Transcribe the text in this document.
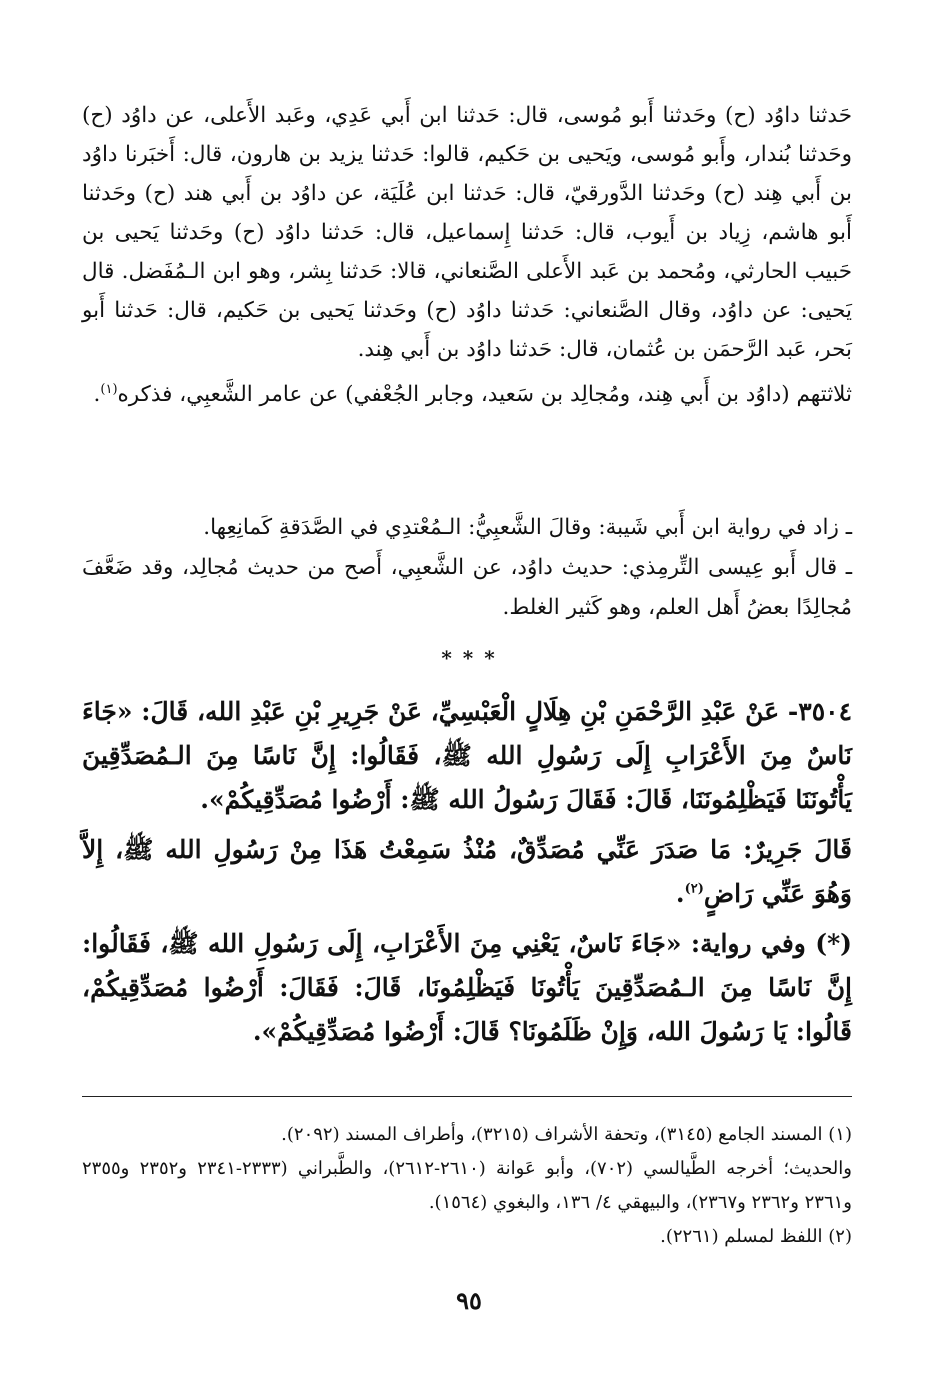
حَدثنا داوُد (ح) وحَدثنا أَبو مُوسى، قال: حَدثنا ابن أَبي عَدِي، وعَبد الأَعلى، عن داوُد (ح) وحَدثنا بُندار، وأَبو مُوسى، ويَحيى بن حَكيم، قالوا: حَدثنا يزيد بن هارون، قال: أَخبَرنا داوُد بن أَبي هِند (ح) وحَدثنا الدَّورقيّ، قال: حَدثنا ابن عُلَيَة، عن داوُد بن أَبي هند (ح) وحَدثنا أَبو هاشم، زِياد بن أَيوب، قال: حَدثنا إِسماعيل، قال: حَدثنا داوُد (ح) وحَدثنا يَحيى بن حَبيب الحارثي، ومُحمد بن عَبد الأَعلى الصَّنعاني، قالا: حَدثنا بِشر، وهو ابن الـمُفَضل. قال يَحيى: عن داوُد، وقال الصَّنعاني: حَدثنا داوُد (ح) وحَدثنا يَحيى بن حَكيم، قال: حَدثنا أَبو بَحر، عَبد الرَّحمَن بن عُثمان، قال: حَدثنا داوُد بن أَبي هِند.

ثلاثتهم (داوُد بن أَبي هِند، ومُجالِد بن سَعيد، وجابر الجُعْفي) عن عامر الشَّعبِي، فذكره$^{(١)}$.

ـ زاد في رواية ابن أَبي شَيبة: وقالَ الشَّعبِيُّ: الـمُعْتدِي في الصَّدَقةِ كَمانِعِها.

ـ قال أَبو عِيسى التِّرمِذي: حديث داوُد، عن الشَّعبِي، أَصح من حديث مُجالِد، وقد ضَعَّفَ مُجالِدًا بعضُ أَهل العلم، وهو كَثير الغلط.

* * *

٣٥٠٤- عَنْ عَبْدِ الرَّحْمَنِ بْنِ هِلَالٍ الْعَبْسِيِّ، عَنْ جَرِيرِ بْنِ عَبْدِ الله، قَالَ: «جَاءَ نَاسٌ مِنَ الأَعْرَابِ إِلَى رَسُولِ الله ﷺ، فَقَالُوا: إِنَّ نَاسًا مِنَ الـمُصَدِّقِينَ يَأْتُونَنَا فَيَظْلِمُونَنَا، قَالَ: فَقَالَ رَسُولُ الله ﷺ: أَرْضُوا مُصَدِّقِيكُمْ».

قَالَ جَرِيرٌ: مَا صَدَرَ عَنِّي مُصَدِّقٌ، مُنْذُ سَمِعْتُ هَذَا مِنْ رَسُولِ الله ﷺ، إِلاَّ وَهُوَ عَنِّي رَاضٍ$^{(٢)}$.

(*) وفي رواية: «جَاءَ نَاسٌ، يَعْنِي مِنَ الأَعْرَابِ، إِلَى رَسُولِ الله ﷺ، فَقَالُوا: إِنَّ نَاسًا مِنَ الـمُصَدِّقِينَ يَأْتُونَا فَيَظْلِمُونَا، قَالَ: فَقَالَ: أَرْضُوا مُصَدِّقِيكُمْ، قَالُوا: يَا رَسُولَ الله، وَإِنْ ظَلَمُونَا؟ قَالَ: أَرْضُوا مُصَدِّقِيكُمْ».

(١) المسند الجامع (٣١٤٥)، وتحفة الأشراف (٣٢١٥)، وأطراف المسند (٢٠٩٢).

والحديث؛ أخرجه الطَّيالسي (٧٠٢)، وأبو عَوانة (٢٦١٠-٢٦١٢)، والطَّبراني (٢٣٣٣-٢٣٤١ و٢٣٥٢ و٢٣٥٥ و٢٣٦١ و٢٣٦٢ و٢٣٦٧)، والبيهقي ٤/ ١٣٦، والبغوي (١٥٦٤).

(٢) اللفظ لمسلم (٢٢٦١).

٩٥
